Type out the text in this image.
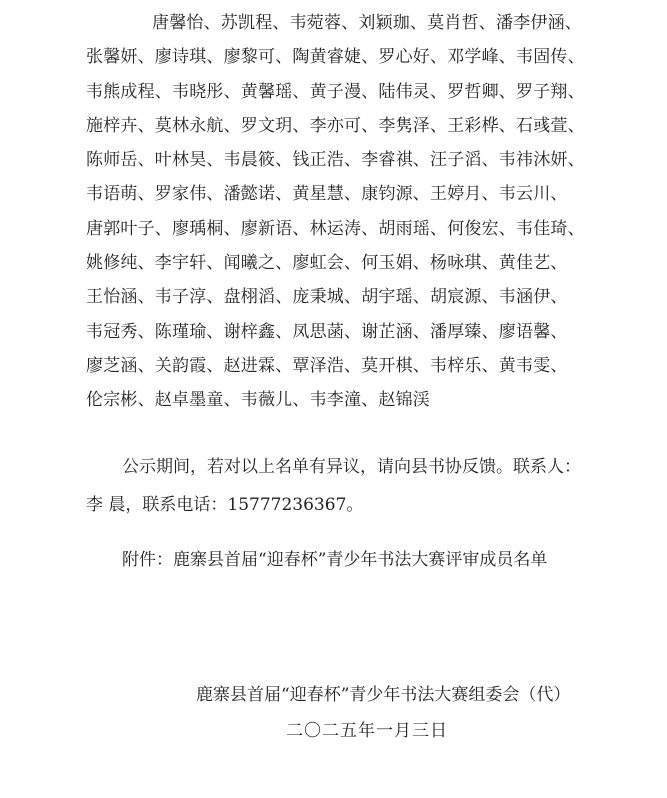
唐馨怡、苏凯程、韦菀蓉、刘颖珈、莫肖哲、潘李伊涵、
张馨妍、廖诗琪、廖黎可、陶黄睿婕、罗心好、邓学峰、韦固传、
韦熊成程、韦晓彤、黄馨瑶、黄子漫、陆伟灵、罗哲卿、罗子翔、
施梓卉、莫林永航、罗文玥、李亦可、李隽泽、王彩桦、石彧萱、
陈师岳、叶林昊、韦晨筱、钱正浩、李睿祺、汪子滔、韦祎沐妍、
韦语萌、罗家伟、潘懿诺、黄星慧、康钧源、王婷月、韦云川、
唐郭叶子、廖瑀桐、廖新语、林运涛、胡雨瑶、何俊宏、韦佳琦、
姚修纯、李宇轩、闻曦之、廖虹会、何玉娟、杨咏琪、黄佳艺、
王怡涵、韦子淳、盘栩滔、庞秉城、胡宇瑶、胡宸源、韦涵伊、
韦冠秀、陈瑾瑜、谢梓鑫、凤思菡、谢芷涵、潘厚臻、廖语馨、
廖芝涵、关韵霞、赵进霖、覃泽浩、莫开棋、韦梓乐、黄韦雯、
伦宗彬、赵卓墨童、韦薇儿、韦李潼、赵锦渓
公示期间，若对以上名单有异议，请向县书协反馈。联系人：
李 晨，联系电话：15777236367。
附件：鹿寨县首届“迎春杯”青少年书法大赛评审成员名单
鹿寨县首届“迎春杯”青少年书法大赛组委会（代）
二〇二五年一月三日
